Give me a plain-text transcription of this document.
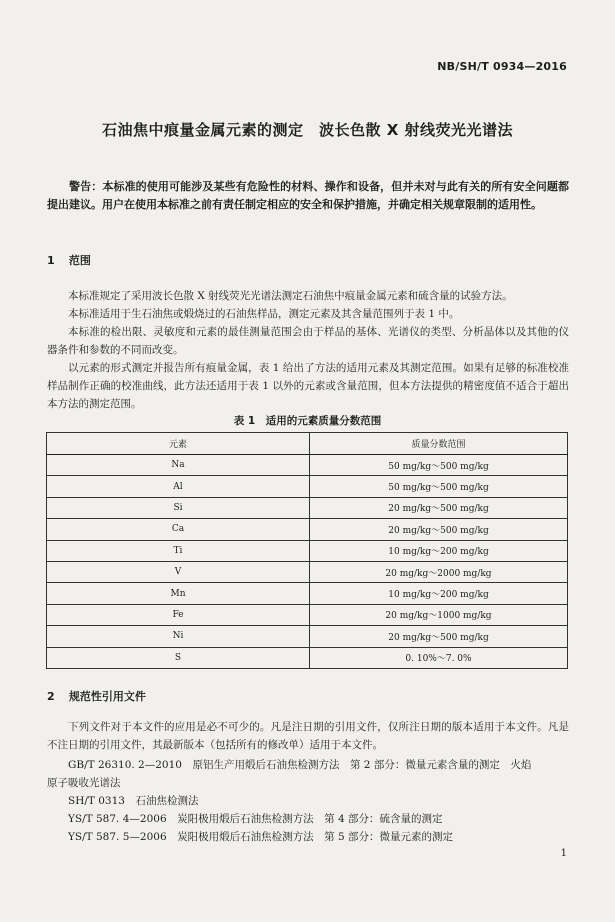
NB/SH/T 0934—2016
石油焦中痕量金属元素的测定　波长色散 X 射线荧光光谱法
警告：本标准的使用可能涉及某些有危险性的材料、操作和设备，但并未对与此有关的所有安全问题都提出建议。用户在使用本标准之前有责任制定相应的安全和保护措施，并确定相关规章限制的适用性。
1 范围
本标准规定了采用波长色散 X 射线荧光光谱法测定石油焦中痕量金属元素和硫含量的试验方法。
本标准适用于生石油焦或煅烧过的石油焦样品，测定元素及其含量范围列于表 1 中。
本标准的检出限、灵敏度和元素的最佳测量范围会由于样品的基体、光谱仪的类型、分析晶体以及其他的仪器条件和参数的不同而改变。
以元素的形式测定并报告所有痕量金属，表 1 给出了方法的适用元素及其测定范围。如果有足够的标准校准样品制作正确的校准曲线，此方法还适用于表 1 以外的元素或含量范围，但本方法提供的精密度值不适合于超出本方法的测定范围。
表 1　适用的元素质量分数范围
元素	质量分数范围
Na	50 mg/kg～500 mg/kg
Al	50 mg/kg～500 mg/kg
Si	20 mg/kg～500 mg/kg
Ca	20 mg/kg～500 mg/kg
Ti	10 mg/kg～200 mg/kg
V	20 mg/kg～2000 mg/kg
Mn	10 mg/kg～200 mg/kg
Fe	20 mg/kg～1000 mg/kg
Ni	20 mg/kg～500 mg/kg
S	0. 10%～7. 0%
2 规范性引用文件
下列文件对于本文件的应用是必不可少的。凡是注日期的引用文件，仅所注日期的版本适用于本文件。凡是不注日期的引用文件，其最新版本（包括所有的修改单）适用于本文件。
GB/T 26310. 2—2010　原铝生产用煅后石油焦检测方法　第 2 部分：微量元素含量的测定　火焰
原子吸收光谱法
SH/T 0313　石油焦检测法
YS/T 587. 4—2006　炭阳极用煅后石油焦检测方法　第 4 部分：硫含量的测定
YS/T 587. 5—2006　炭阳极用煅后石油焦检测方法　第 5 部分：微量元素的测定
1
